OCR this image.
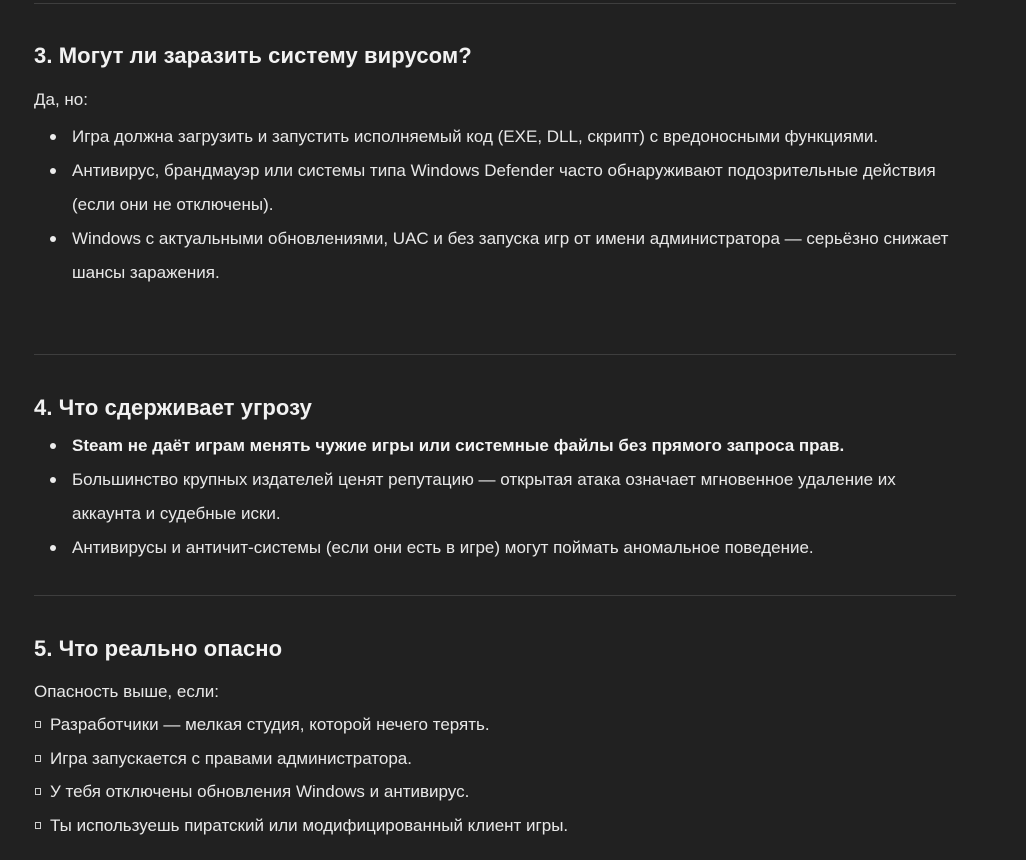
3. Могут ли заразить систему вирусом?

Да, но:

Игра должна загрузить и запустить исполняемый код (EXE, DLL, скрипт) с вредоносными функциями.
Антивирус, брандмауэр или системы типа Windows Defender часто обнаруживают подозрительные действия (если они не отключены).
Windows с актуальными обновлениями, UAC и без запуска игр от имени администратора — серьёзно снижает шансы заражения.
4. Что сдерживает угрозу
Steam не даёт играм менять чужие игры или системные файлы без прямого запроса прав.
Большинство крупных издателей ценят репутацию — открытая атака означает мгновенное удаление их аккаунта и судебные иски.
Антивирусы и античит-системы (если они есть в игре) могут поймать аномальное поведение.
5. Что реально опасно

Опасность выше, если:

Разработчики — мелкая студия, которой нечего терять.
Игра запускается с правами администратора.
У тебя отключены обновления Windows и антивирус.
Ты используешь пиратский или модифицированный клиент игры.
